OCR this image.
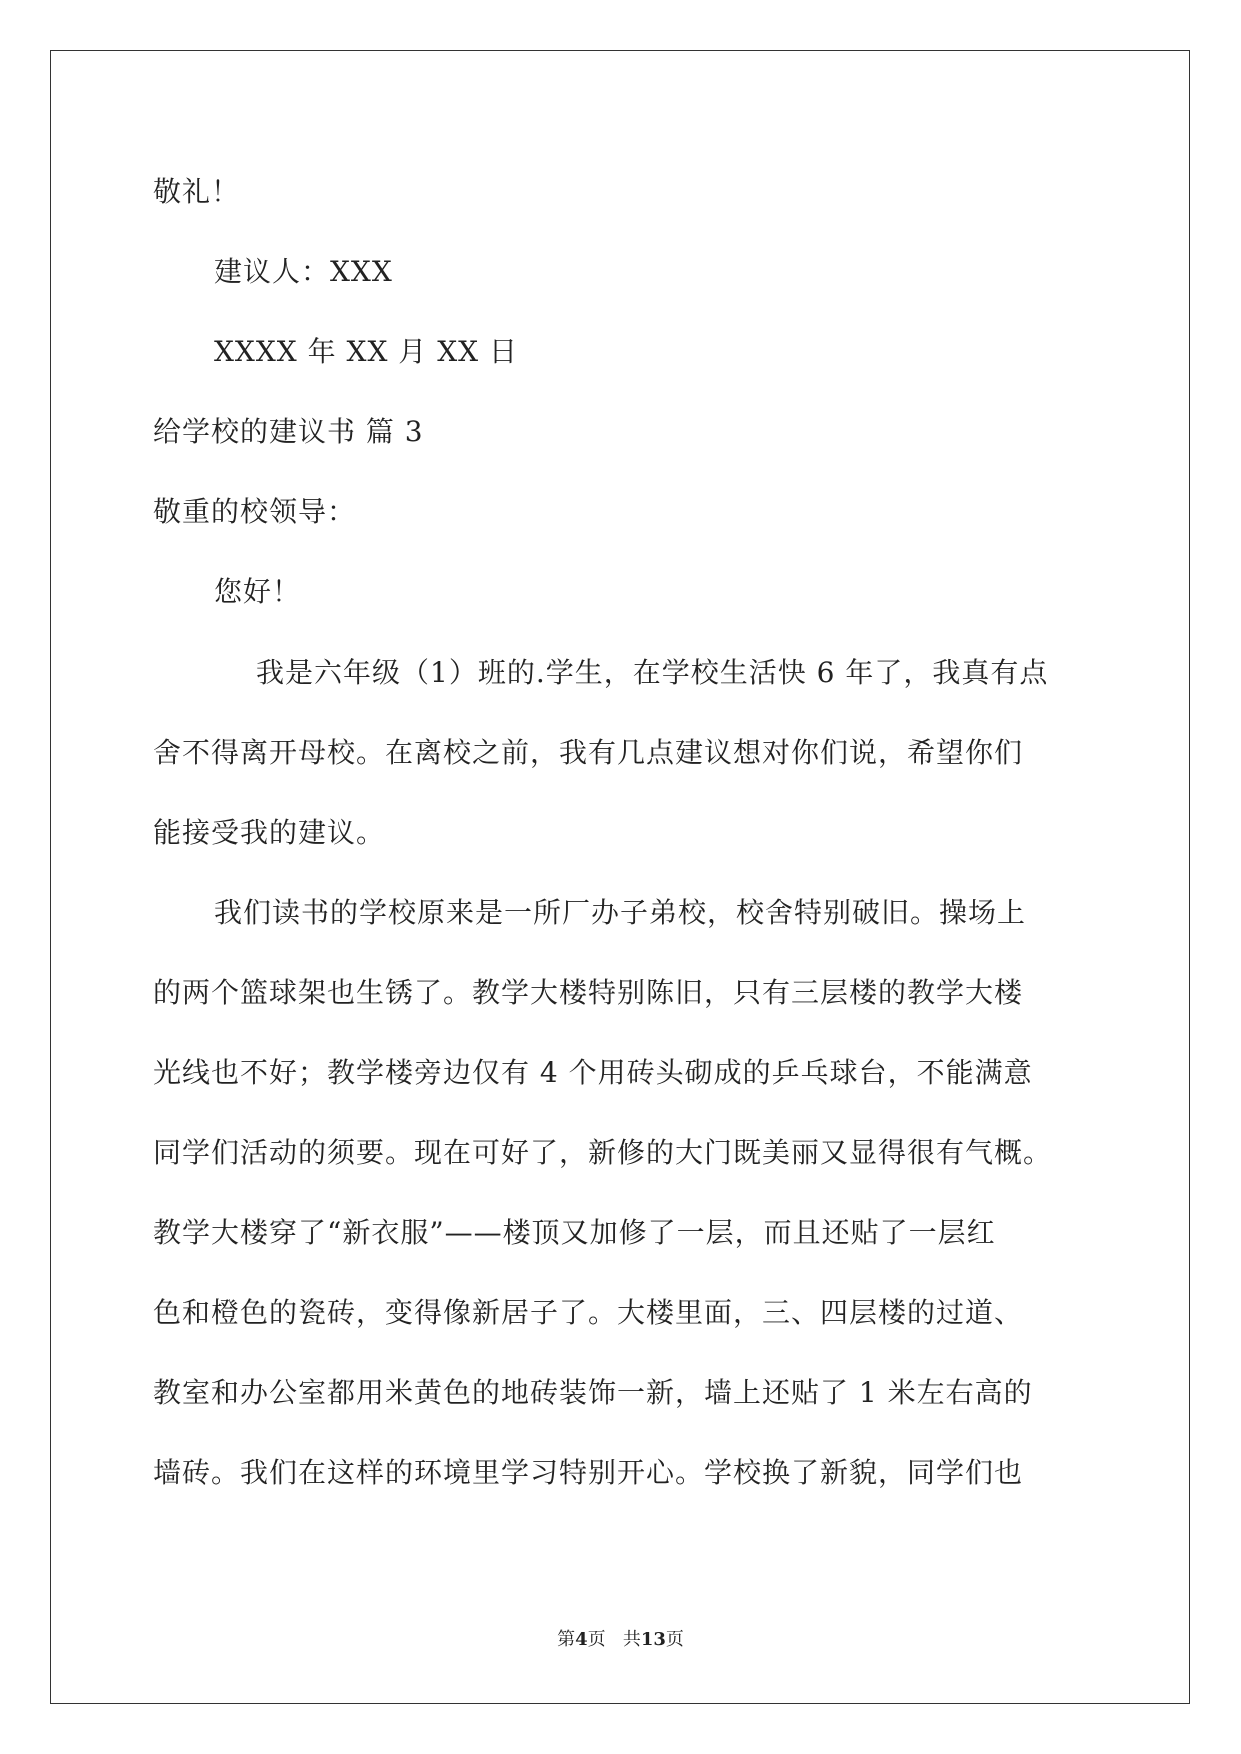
敬礼！
建议人：XXX
XXXX 年 XX 月 XX 日
给学校的建议书 篇 3
敬重的校领导：
您好！
我是六年级（1）班的.学生，在学校生活快 6 年了，我真有点
舍不得离开母校。在离校之前，我有几点建议想对你们说，希望你们
能接受我的建议。
我们读书的学校原来是一所厂办子弟校，校舍特别破旧。操场上
的两个篮球架也生锈了。教学大楼特别陈旧，只有三层楼的教学大楼
光线也不好；教学楼旁边仅有 4 个用砖头砌成的乒乓球台，不能满意
同学们活动的须要。现在可好了，新修的大门既美丽又显得很有气概。
教学大楼穿了“新衣服”——楼顶又加修了一层，而且还贴了一层红
色和橙色的瓷砖，变得像新居子了。大楼里面，三、四层楼的过道、
教室和办公室都用米黄色的地砖装饰一新，墙上还贴了 1 米左右高的
墙砖。我们在这样的环境里学习特别开心。学校换了新貌，同学们也
第4页 共13页
